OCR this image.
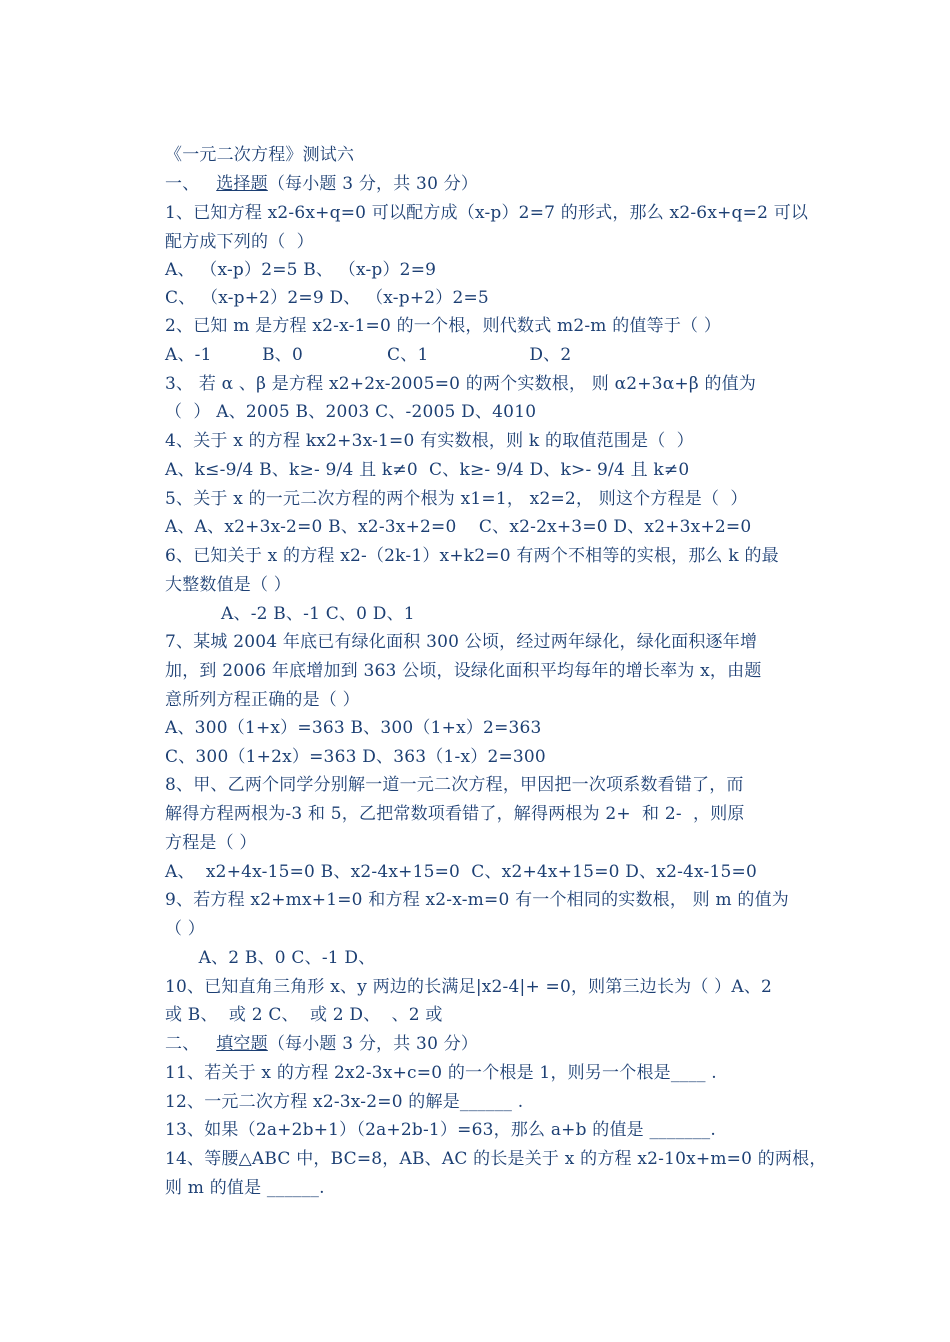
《一元二次方程》测试六
一、 选择题（每小题 3 分，共 30 分）
1、已知方程 x2-6x+q=0 可以配方成（x-p）2=7 的形式，那么 x2-6x+q=2 可以
配方成下列的（  ）
A、 （x-p）2=5 B、 （x-p）2=9
C、 （x-p+2）2=9 D、 （x-p+2）2=5
2、已知 m 是方程 x2-x-1=0 的一个根，则代数式 m2-m 的值等于（ ）
A、-1         B、0               C、1                  D、2
3、 若 α 、β 是方程 x2+2x-2005=0 的两个实数根， 则 α2+3α+β 的值为
（  ） A、2005 B、2003 C、-2005 D、4010
4、关于 x 的方程 kx2+3x-1=0 有实数根，则 k 的取值范围是（  ）
A、k≤-9/4 B、k≥- 9/4 且 k≠0  C、k≥- 9/4 D、k>- 9/4 且 k≠0
5、关于 x 的一元二次方程的两个根为 x1=1， x2=2， 则这个方程是（  ）
A、A、x2+3x-2=0 B、x2-3x+2=0    C、x2-2x+3=0 D、x2+3x+2=0
6、已知关于 x 的方程 x2-（2k-1）x+k2=0 有两个不相等的实根，那么 k 的最
大整数值是（ ）
A、-2 B、-1 C、0 D、1
7、某城 2004 年底已有绿化面积 300 公顷，经过两年绿化，绿化面积逐年增
加，到 2006 年底增加到 363 公顷，设绿化面积平均每年的增长率为 x，由题
意所列方程正确的是（ ）
A、300（1+x）=363 B、300（1+x）2=363
C、300（1+2x）=363 D、363（1-x）2=300
8、甲、乙两个同学分别解一道一元二次方程，甲因把一次项系数看错了，而
解得方程两根为-3 和 5，乙把常数项看错了，解得两根为 2+  和 2-  ，则原
方程是（ ）
A、  x2+4x-15=0 B、x2-4x+15=0  C、x2+4x+15=0 D、x2-4x-15=0
9、若方程 x2+mx+1=0 和方程 x2-x-m=0 有一个相同的实数根， 则 m 的值为
（ ）
A、2 B、0 C、-1 D、
10、已知直角三角形 x、y 两边的长满足|x2-4|+ =0，则第三边长为（ ）A、2
或 B、  或 2 C、  或 2 D、  、2 或
二、 填空题（每小题 3 分，共 30 分）
11、若关于 x 的方程 2x2-3x+c=0 的一个根是 1，则另一个根是____ .
12、一元二次方程 x2-3x-2=0 的解是______ .
13、如果（2a+2b+1）（2a+2b-1）=63，那么 a+b 的值是 _______.
14、等腰△ABC 中，BC=8，AB、AC 的长是关于 x 的方程 x2-10x+m=0 的两根，
则 m 的值是 ______.
